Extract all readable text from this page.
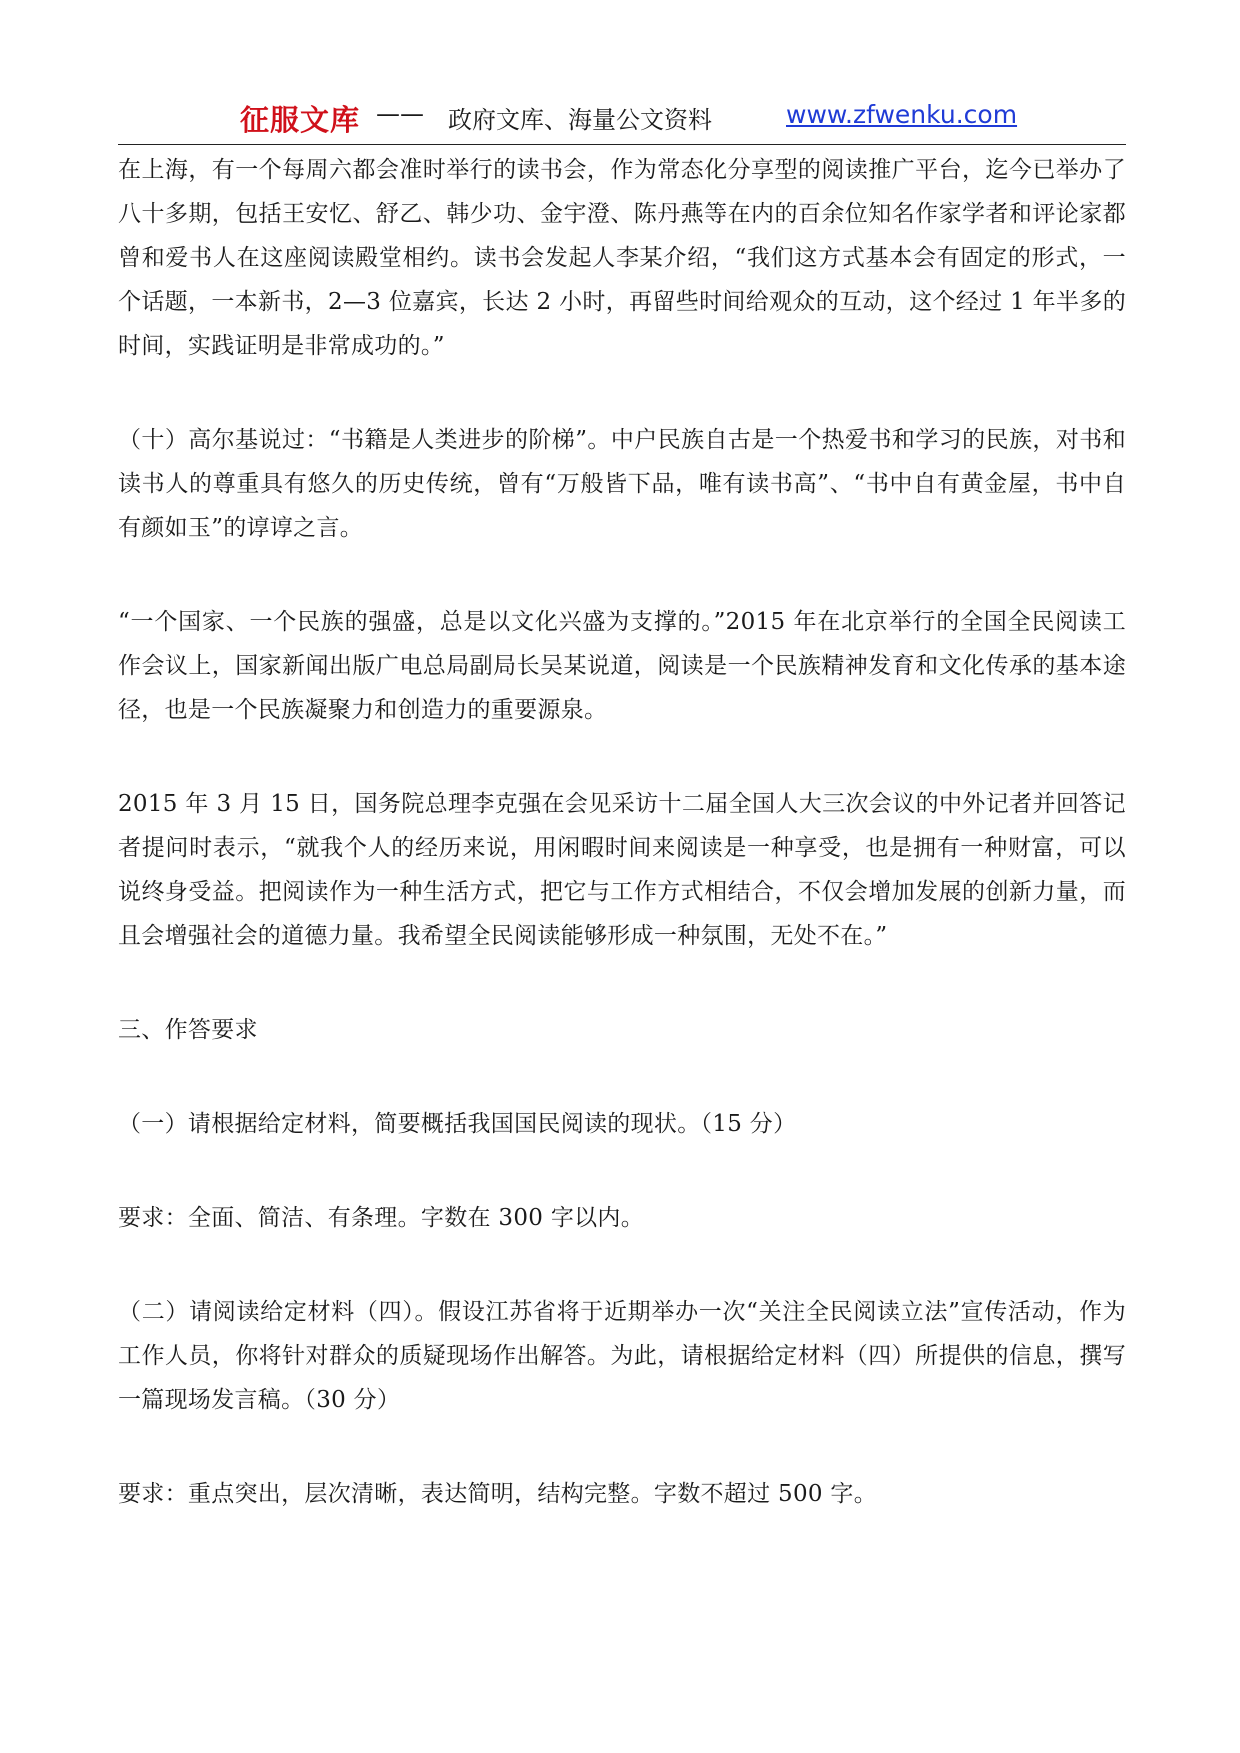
征服文库 —— 政府文库、海量公文资料	www.zfwenku.com

在上海，有一个每周六都会准时举行的读书会，作为常态化分享型的阅读推广平台，迄今已举办了八十多期，包括王安忆、舒乙、韩少功、金宇澄、陈丹燕等在内的百余位知名作家学者和评论家都曾和爱书人在这座阅读殿堂相约。读书会发起人李某介绍，“我们这方式基本会有固定的形式，一个话题，一本新书，2—3 位嘉宾，长达 2 小时，再留些时间给观众的互动，这个经过 1 年半多的时间，实践证明是非常成功的。”

（十）高尔基说过：“书籍是人类进步的阶梯”。中户民族自古是一个热爱书和学习的民族，对书和读书人的尊重具有悠久的历史传统，曾有“万般皆下品，唯有读书高”、“书中自有黄金屋，书中自有颜如玉”的谆谆之言。

“一个国家、一个民族的强盛，总是以文化兴盛为支撑的。”2015 年在北京举行的全国全民阅读工作会议上，国家新闻出版广电总局副局长吴某说道，阅读是一个民族精神发育和文化传承的基本途径，也是一个民族凝聚力和创造力的重要源泉。

2015 年 3 月 15 日，国务院总理李克强在会见采访十二届全国人大三次会议的中外记者并回答记者提问时表示，“就我个人的经历来说，用闲暇时间来阅读是一种享受，也是拥有一种财富，可以说终身受益。把阅读作为一种生活方式，把它与工作方式相结合，不仅会增加发展的创新力量，而且会增强社会的道德力量。我希望全民阅读能够形成一种氛围，无处不在。”

三、作答要求

（一）请根据给定材料，简要概括我国国民阅读的现状。（15 分）

要求：全面、简洁、有条理。字数在 300 字以内。

（二）请阅读给定材料（四）。假设江苏省将于近期举办一次“关注全民阅读立法”宣传活动，作为工作人员，你将针对群众的质疑现场作出解答。为此，请根据给定材料（四）所提供的信息，撰写一篇现场发言稿。（30 分）

要求：重点突出，层次清晰，表达简明，结构完整。字数不超过 500 字。
